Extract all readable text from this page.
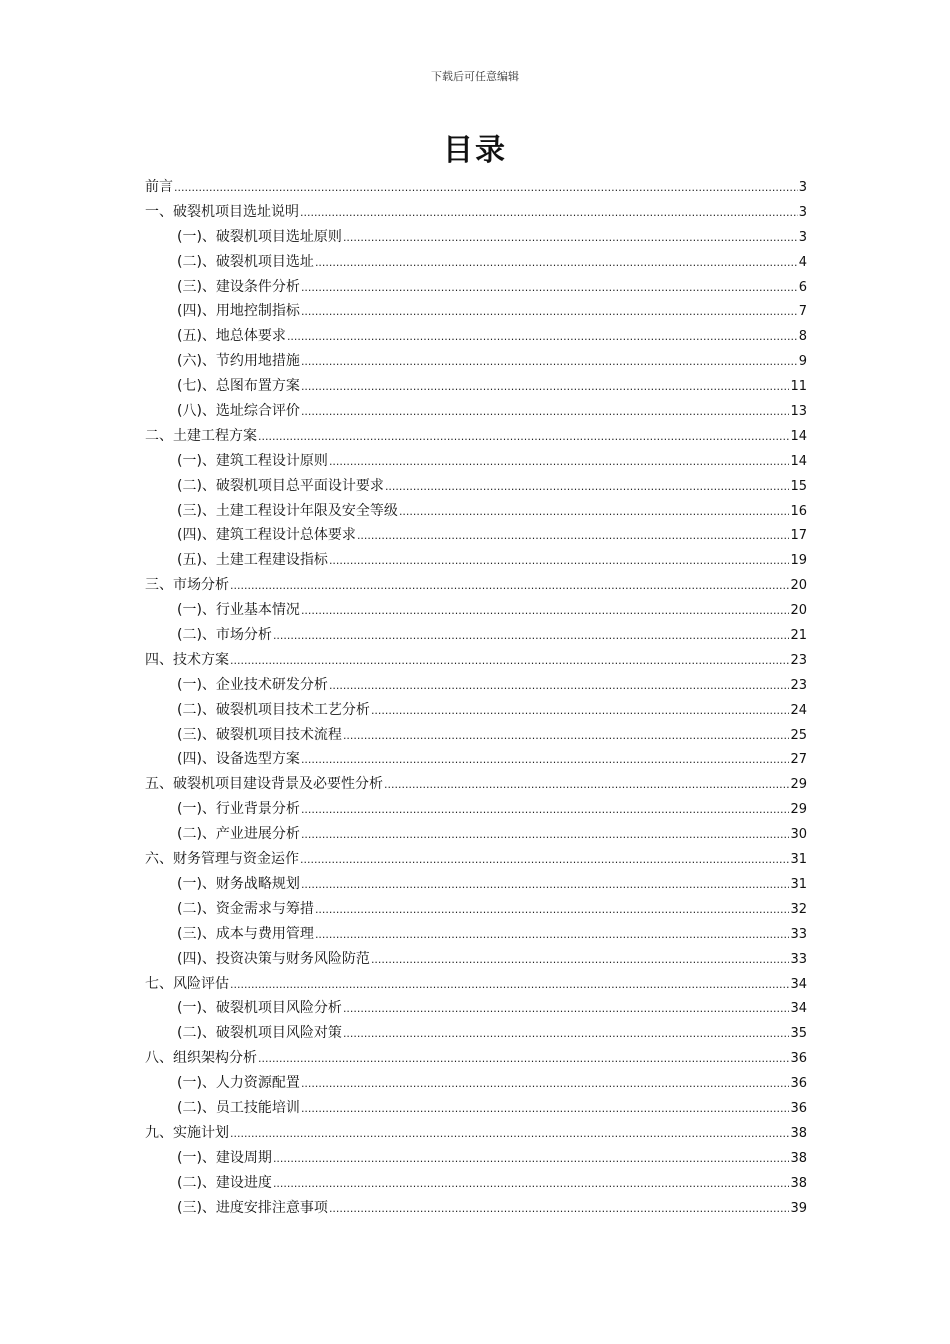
下载后可任意编辑
目录
前言 .....	3
一、破裂机项目选址说明 .....	3
(一)、破裂机项目选址原则 .....	3
(二)、破裂机项目选址 .....	4
(三)、建设条件分析 .....	6
(四)、用地控制指标 .....	7
(五)、地总体要求 .....	8
(六)、节约用地措施 .....	9
(七)、总图布置方案 .....	11
(八)、选址综合评价 .....	13
二、土建工程方案 .....	14
(一)、建筑工程设计原则 .....	14
(二)、破裂机项目总平面设计要求 .....	15
(三)、土建工程设计年限及安全等级 .....	16
(四)、建筑工程设计总体要求 .....	17
(五)、土建工程建设指标 .....	19
三、市场分析 .....	20
(一)、行业基本情况 .....	20
(二)、市场分析 .....	21
四、技术方案 .....	23
(一)、企业技术研发分析 .....	23
(二)、破裂机项目技术工艺分析 .....	24
(三)、破裂机项目技术流程 .....	25
(四)、设备选型方案 .....	27
五、破裂机项目建设背景及必要性分析 .....	29
(一)、行业背景分析 .....	29
(二)、产业进展分析 .....	30
六、财务管理与资金运作 .....	31
(一)、财务战略规划 .....	31
(二)、资金需求与筹措 .....	32
(三)、成本与费用管理 .....	33
(四)、投资决策与财务风险防范 .....	33
七、风险评估 .....	34
(一)、破裂机项目风险分析 .....	34
(二)、破裂机项目风险对策 .....	35
八、组织架构分析 .....	36
(一)、人力资源配置 .....	36
(二)、员工技能培训 .....	36
九、实施计划 .....	38
(一)、建设周期 .....	38
(二)、建设进度 .....	38
(三)、进度安排注意事项 .....	39
